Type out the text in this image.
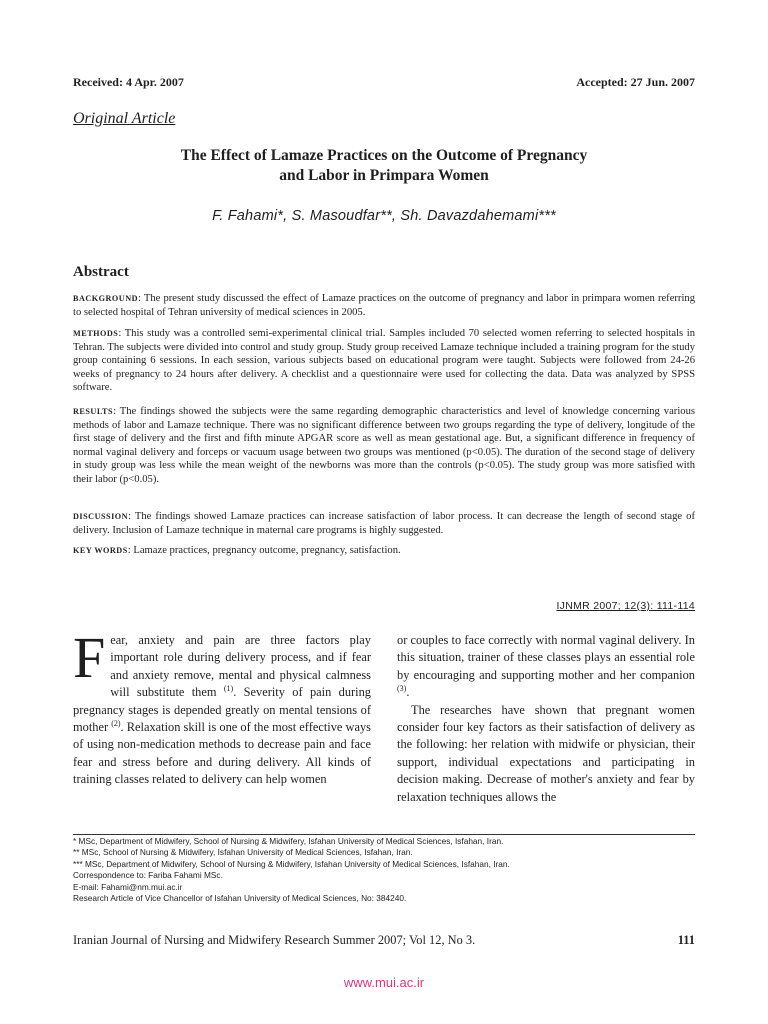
Received: 4 Apr. 2007	Accepted: 27 Jun. 2007
Original Article
The Effect of Lamaze Practices on the Outcome of Pregnancy
and Labor in Primpara Women
F. Fahami*, S. Masoudfar**, Sh. Davazdahemami***
Abstract
BACKGROUND: The present study discussed the effect of Lamaze practices on the outcome of pregnancy and labor in primpara women referring to selected hospital of Tehran university of medical sciences in 2005.
METHODS: This study was a controlled semi-experimental clinical trial. Samples included 70 selected women referring to selected hospitals in Tehran. The subjects were divided into control and study group. Study group received Lamaze technique included a training program for the study group containing 6 sessions. In each session, various subjects based on educational program were taught. Subjects were followed from 24-26 weeks of pregnancy to 24 hours after delivery. A checklist and a questionnaire were used for collecting the data. Data was analyzed by SPSS software.
RESULTS: The findings showed the subjects were the same regarding demographic characteristics and level of knowledge concerning various methods of labor and Lamaze technique. There was no significant difference between two groups regarding the type of delivery, longitude of the first stage of delivery and the first and fifth minute APGAR score as well as mean gestational age. But, a significant difference in frequency of normal vaginal delivery and forceps or vacuum usage between two groups was mentioned (p<0.05). The duration of the second stage of delivery in study group was less while the mean weight of the newborns was more than the controls (p<0.05). The study group was more satisfied with their labor (p<0.05).
DISCUSSION: The findings showed Lamaze practices can increase satisfaction of labor process. It can decrease the length of second stage of delivery. Inclusion of Lamaze technique in maternal care programs is highly suggested.
KEY WORDS: Lamaze practices, pregnancy outcome, pregnancy, satisfaction.
IJNMR 2007; 12(3): 111-114

Fear, anxiety and pain are three factors play important role during delivery process, and if fear and anxiety remove, mental and physical calmness will substitute them $^{(1)}$. Severity of pain during pregnancy stages is depended greatly on mental tensions of mother $^{(2)}$. Relaxation skill is one of the most effective ways of using non-medication methods to decrease pain and face fear and stress before and during delivery. All kinds of training classes related to delivery can help women

or couples to face correctly with normal vaginal delivery. In this situation, trainer of these classes plays an essential role by encouraging and supporting mother and her companion $^{(3)}$.

The researches have shown that pregnant women consider four key factors as their satisfaction of delivery as the following: her relation with midwife or physician, their support, individual expectations and participating in decision making. Decrease of mother's anxiety and fear by relaxation techniques allows the

* MSc, Department of Midwifery, School of Nursing & Midwifery, Isfahan University of Medical Sciences, Isfahan, Iran.
** MSc, School of Nursing & Midwifery, Isfahan University of Medical Sciences, Isfahan, Iran.
*** MSc, Department of Midwifery, School of Nursing & Midwifery, Isfahan University of Medical Sciences, Isfahan, Iran.
Correspondence to: Fariba Fahami MSc.
E-mail: Fahami@nm.mui.ac.ir
Research Article of Vice Chancellor of Isfahan University of Medical Sciences, No: 384240.
Iranian Journal of Nursing and Midwifery Research Summer 2007; Vol 12, No 3.	111
www.mui.ac.ir
